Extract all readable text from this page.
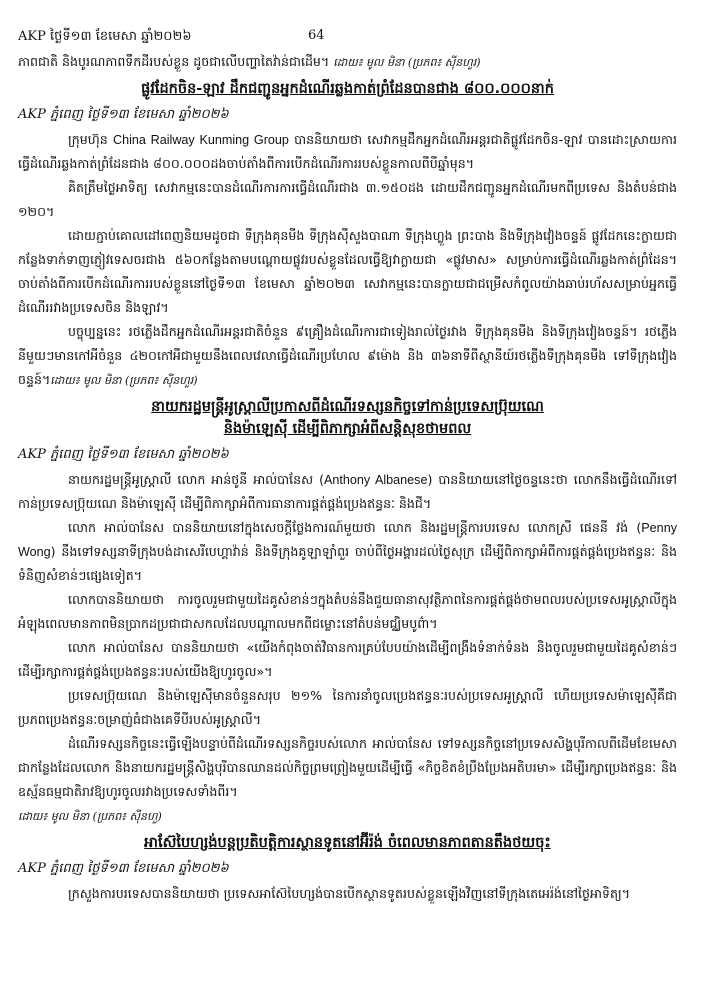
AKP ថ្ងៃទី១៣ ខែមេសា ឆ្នាំ២០២៦	64

ភាពជាតិ និងបូរណភាពទឹកដីរបស់ខ្លួន ដូចជាលើបញ្ហាតៃវ៉ាន់ជាដើម។ ដោយ៖ មូល មិនា (ប្រភព៖ ស៊ីនហួរ)

ផ្លូវដែកចិន-ឡាវ ដឹកជញ្ជូនអ្នកដំណើរឆ្លងកាត់ព្រំដែនបានជាង ៨០០.០០០នាក់
AKP ភ្នំពេញ ថ្ងៃទី១៣ ខែមេសា ឆ្នាំ២០២៦

ក្រុមហ៊ុន China Railway Kunming Group បាននិយាយថា សេវាកម្មដឹកអ្នកដំណើរអន្តរជាតិផ្លូវដែកចិន-ឡាវ បានដោះស្រាយការធ្វើដំណើរឆ្លងកាត់ព្រំដែនជាង ៨០០.០០០ដងចាប់តាំងពីការបើកដំណើរការរបស់ខ្លួនកាលពីបីឆ្នាំមុន។

គិតត្រឹមថ្ងៃអាទិត្យ សេវាកម្មនេះបានដំណើរការការធ្វើដំណើរជាង ៣.១៥០ដង ដោយដឹកជញ្ជូនអ្នកដំណើរមកពីប្រទេស និងតំបន់ជាង ១២០។

ដោយភ្ជាប់គោលដៅពេញនិយមដូចជា ទីក្រុងគុនមីង ទីក្រុងស៊ីសួងបាណា ទីក្រុងហ្លួង ព្រះបាង និងទីក្រុងវៀងចន្ទន៍ ផ្លូវដែកនេះក្លាយជាកន្លែងទាក់ទាញភ្ញៀវទេសចរជាង ៥៦០កន្លែងតាមបណ្ដោយផ្លូវរបស់ខ្លួនដែលធ្វើឱ្យវាក្លាយជា «ផ្លូវមាស» សម្រាប់ការធ្វើដំណើរឆ្លងកាត់ព្រំដែន។ ចាប់តាំងពីការបើកដំណើរការរបស់ខ្លួននៅថ្ងៃទី១៣ ខែមេសា ឆ្នាំ២០២៣ សេវាកម្មនេះបានក្លាយជាជម្រើសកំពូលយ៉ាងឆាប់រហ័សសម្រាប់អ្នកធ្វើដំណើររវាងប្រទេសចិន និងឡាវ។

បច្ចុប្បន្ននេះ រថភ្លើងដឹកអ្នកដំណើរអន្តរជាតិចំនួន ៩គ្រឿងដំណើរការជាទៀងរាល់ថ្ងៃរវាង ទីក្រុងគុនមីង និងទីក្រុងវៀងចន្ទន៍។ រថភ្លើងនីមួយៗមានកៅអីចំនួន ៤២០កៅអីជាមួយនឹងពេលវេលាធ្វើដំណើរប្រហែល ៩ម៉ោង និង ៣៦នាទីពីស្ថានីយ៍រថភ្លើងទីក្រុងគុនមីង ទៅទីក្រុងវៀងចន្ទន៍។ដោយ៖ មូល មិនា (ប្រភព៖ ស៊ីនហួរ)

នាយករដ្ឋមន្ត្រីអូស្ត្រាលីប្រកាសពីដំណើរទស្សនកិច្ចទៅកាន់ប្រទេសប្រ៊ុយណេ
និងម៉ាឡេស៊ី ដើម្បីពិភាក្សាអំពីសន្តិសុខថាមពល
AKP ភ្នំពេញ ថ្ងៃទី១៣ ខែមេសា ឆ្នាំ២០២៦

នាយករដ្ឋមន្ត្រីអូស្ត្រាលី លោក អាន់ថូនី អាល់បានែស (Anthony Albanese) បាននិយាយនៅថ្ងៃចន្ទនេះថា លោកនឹងធ្វើដំណើរទៅកាន់ប្រទេសប្រ៊ុយណេ និងម៉ាឡេស៊ី ដើម្បីពិភាក្សាអំពីការធានាការផ្គត់ផ្គង់ប្រេងឥន្ធនៈ និងជី។

លោក អាល់បានែស បាននិយាយនៅក្នុងសេចក្ដីថ្លែងការណ៍មួយថា លោក និងរដ្ឋមន្ត្រីការបរទេស លោកស្រី ផេននី វង់ (Penny Wong) នឹងទៅទស្សនាទីក្រុងបង់ដាសេរីបេហ្គាវ៉ាន់ និងទីក្រុងគូឡាឡាំពួរ ចាប់ពីថ្ងៃអង្គារដល់ថ្ងៃសុក្រ ដើម្បីពិភាក្សាអំពីការផ្គត់ផ្គង់ប្រេងឥន្ធនៈ និងទំនិញសំខាន់ៗផ្សេងទៀត។

លោកបាននិយាយថា ការចូលរួមជាមួយដៃគូសំខាន់ៗក្នុងតំបន់នឹងជួយធានាសុវត្ថិភាពនៃការផ្គត់ផ្គង់ថាមពលរបស់ប្រទេសអូស្ត្រាលីក្នុងអំឡុងពេលមានភាពមិនប្រាកដប្រជាជាសកលដែលបណ្ដាលមកពីជម្លោះនៅតំបន់មជ្ឈិមបូព៌ា។

លោក អាល់បានែស បាននិយាយថា «យើងកំពុងចាត់វិធានការគ្រប់បែបយ៉ាងដើម្បីពង្រឹងទំនាក់ទំនង និងចូលរួមជាមួយដៃគូសំខាន់ៗ ដើម្បីរក្សាការផ្គត់ផ្គង់ប្រេងឥន្ធនៈរបស់យើងឱ្យហូរចូល»។

ប្រទេសប្រ៊ុយណេ និងម៉ាឡេស៊ីមានចំនួនសរុប ២១% នៃការនាំចូលប្រេងឥន្ធនៈរបស់ប្រទេសអូស្ត្រាលី ហើយប្រទេសម៉ាឡេស៊ីគឺជាប្រភពប្រេងឥន្ធនៈចម្រាញ់ធំជាងគេទីបីរបស់អូស្ត្រាលី។

ដំណើរទស្សនកិច្ចនេះធ្វើឡើងបន្ទាប់ពីដំណើរទស្សនកិច្ចរបស់លោក អាល់បានែស ទៅទស្សនកិច្ចនៅប្រទេសសិង្ហបុរីកាលពីដើមខែមេសា ជាកន្លែងដែលលោក និងនាយករដ្ឋមន្ត្រីសិង្ហបុរីបានឈានដល់កិច្ចព្រមព្រៀងមួយដើម្បីធ្វើ «កិច្ចខិតខំប្រឹងប្រែងអតិបរមា» ដើម្បីរក្សាប្រេងឥន្ធនៈ និងឧស្ម័នធម្មជាតិរាវឱ្យហូរចូលរវាងប្រទេសទាំងពីរ។

ដោយ៖ មូល មិនា (ប្រភព៖ ស៊ីនហួ)

អាស៊ែបៃហ្សង់បន្តប្រតិបត្តិការស្ថានទូតនៅអ៊ីរ៉ង់ ចំពេលមានភាពតានតឹងថយចុះ
AKP ភ្នំពេញ ថ្ងៃទី១៣ ខែមេសា ឆ្នាំ២០២៦

ក្រសួងការបរទេសបាននិយាយថា ប្រទេសអាស៊ែបៃហ្សង់បានបើកស្ថានទូតរបស់ខ្លួនឡើងវិញនៅទីក្រុងតេអេរ៉ង់នៅថ្ងៃអាទិត្យ។
